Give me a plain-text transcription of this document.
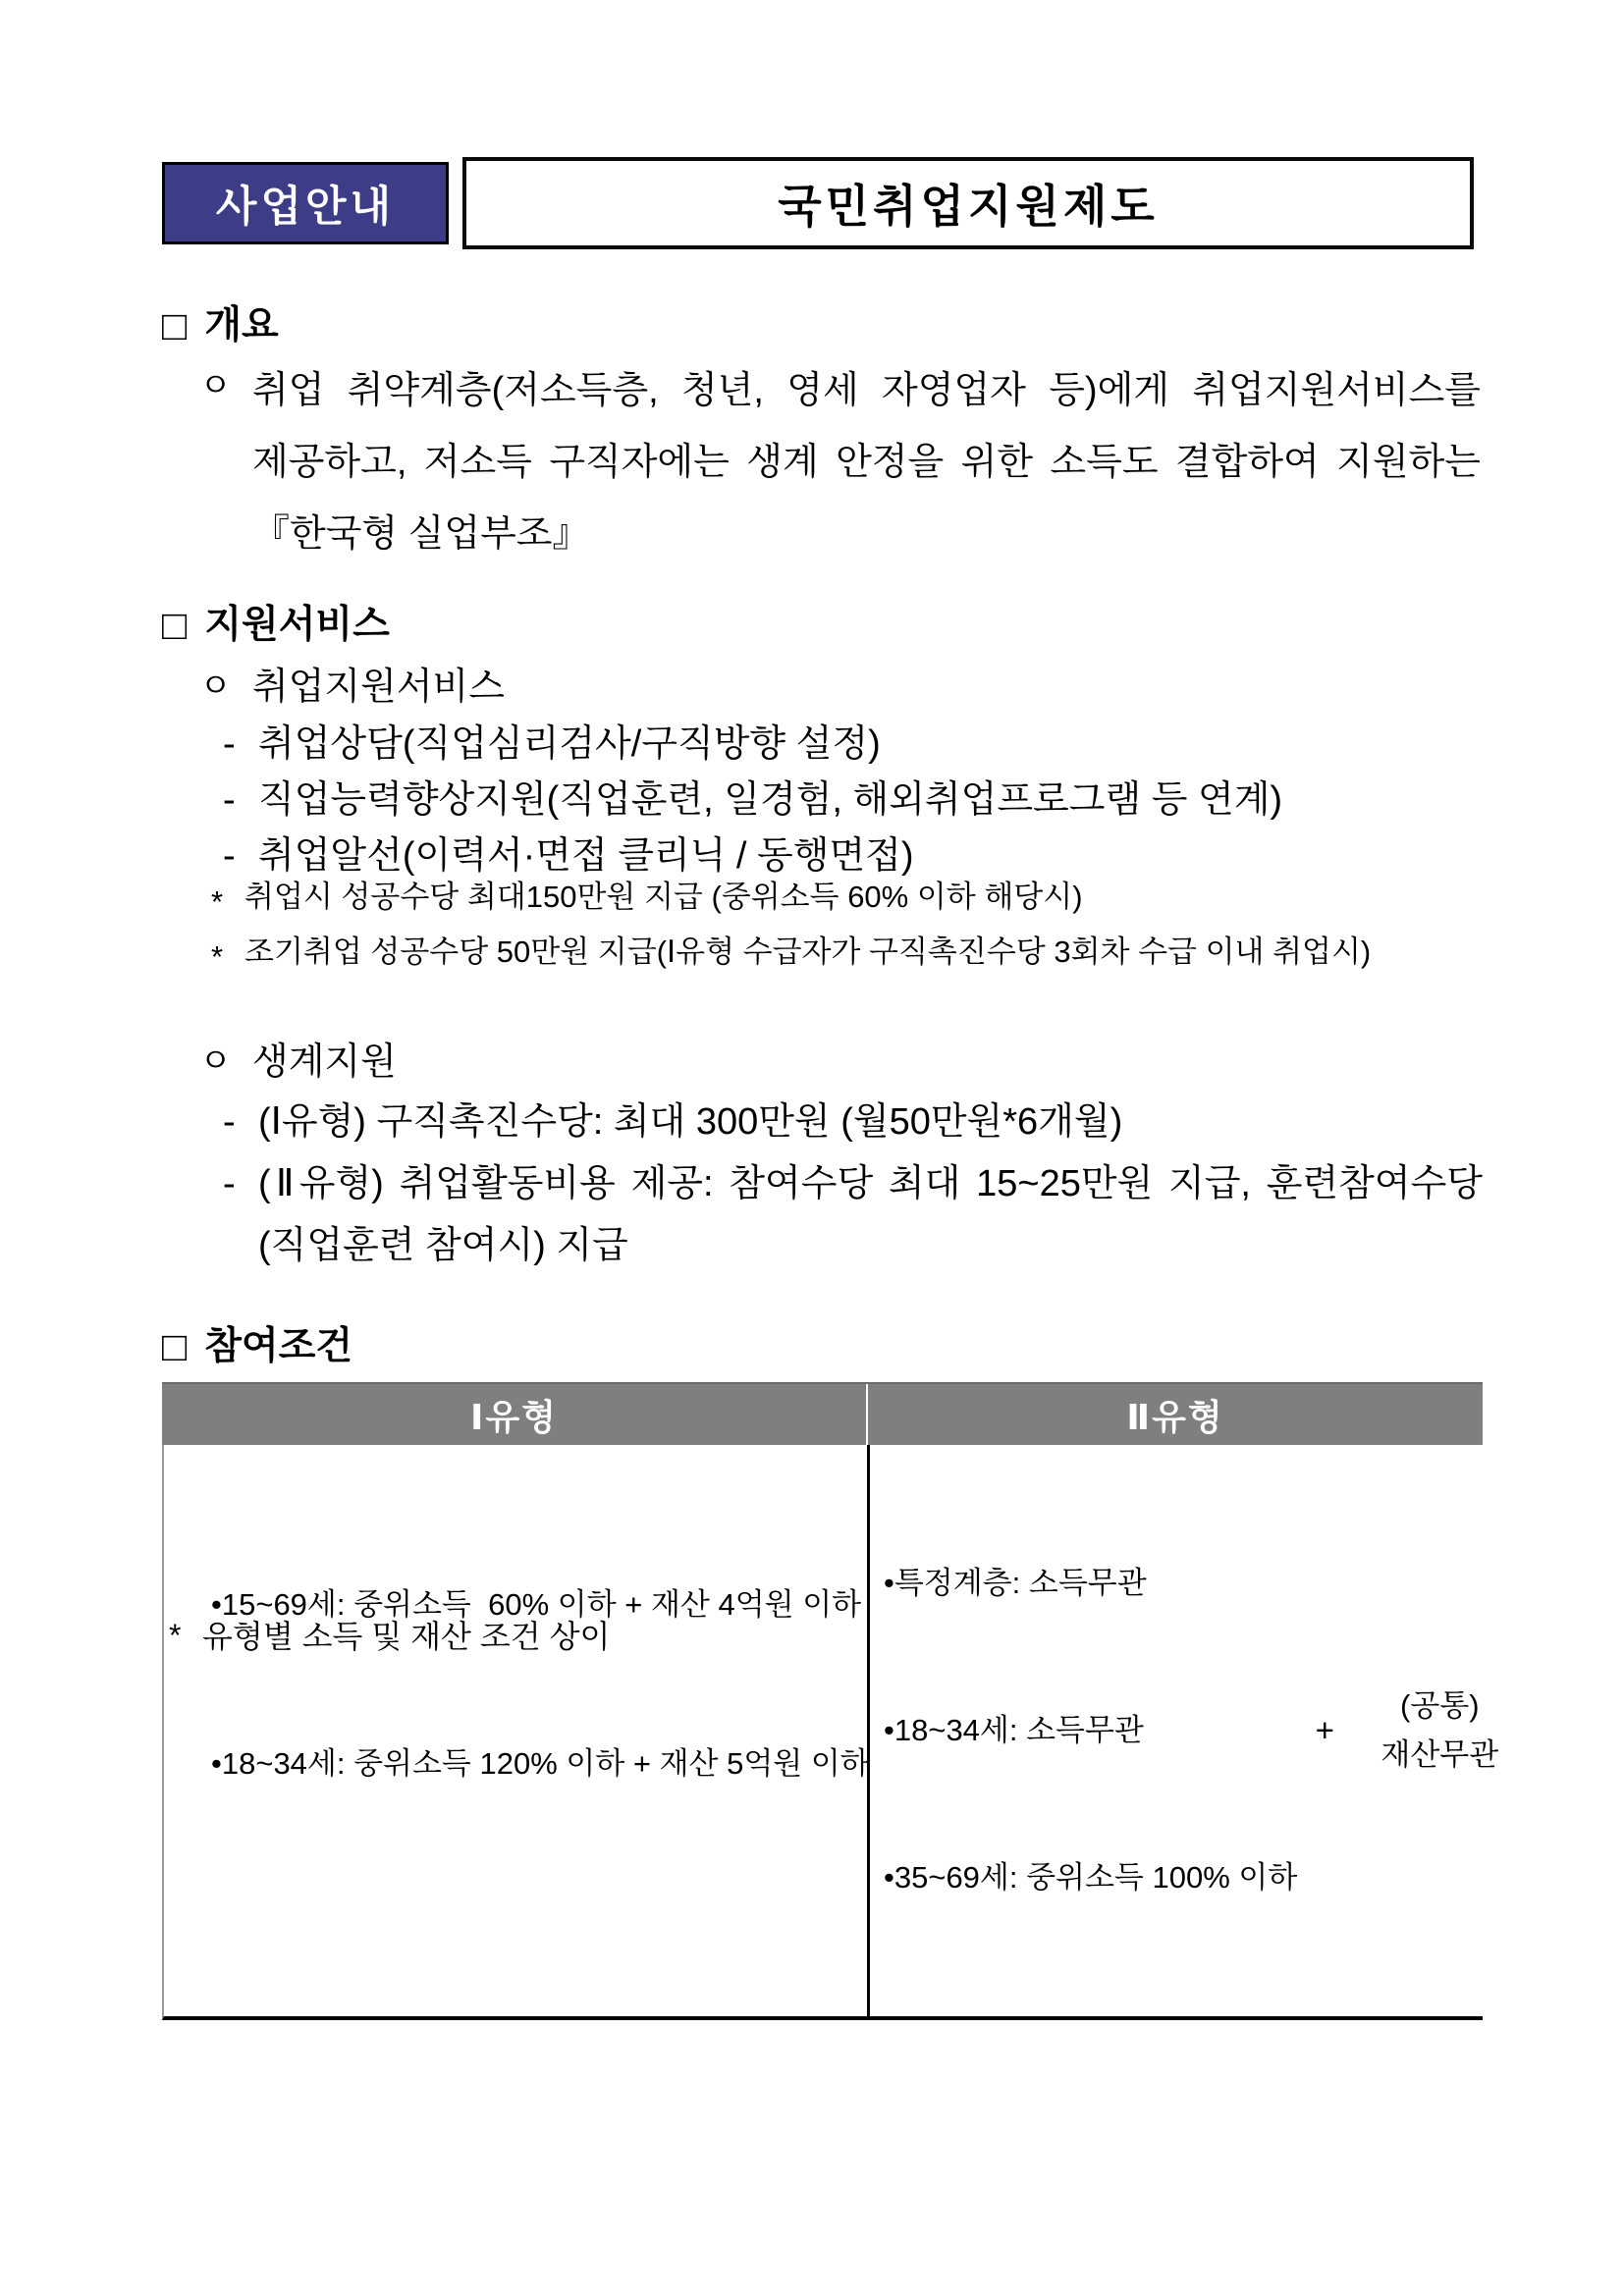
사업안내	국민취업지원제도
□ 개요
ㅇ 취업 취약계층(저소득층, 청년, 영세 자영업자 등)에게 취업지원서비스를 제공하고, 저소득 구직자에는 생계 안정을 위한 소득도 결합하여 지원하는 『한국형 실업부조』
□ 지원서비스
ㅇ 취업지원서비스
- 취업상담(직업심리검사/구직방향 설정)
- 직업능력향상지원(직업훈련, 일경험, 해외취업프로그램 등 연계)
- 취업알선(이력서·면접 클리닉 / 동행면접)
* 취업시 성공수당 최대150만원 지급 (중위소득 60% 이하 해당시)
* 조기취업 성공수당 50만원 지급(Ⅰ유형 수급자가 구직촉진수당 3회차 수급 이내 취업시)
ㅇ 생계지원
- (Ⅰ유형) 구직촉진수당: 최대 300만원 (월50만원*6개월)
- (Ⅱ유형) 취업활동비용 제공: 참여수당 최대 15~25만원 지급, 훈련참여수당 (직업훈련 참여시) 지급
□ 참여조건
Ⅰ유형	Ⅱ유형

•15~69세: 중위소득  60% 이하 + 재산 4억원 이하

•18~34세: 중위소득 120% 이하 + 재산 5억원 이하

•특정계층: 소득무관

•18~34세: 소득무관

•35~69세: 중위소득 100% 이하

+
(공통)
재산무관
* 유형별 소득 및 재산 조건 상이
